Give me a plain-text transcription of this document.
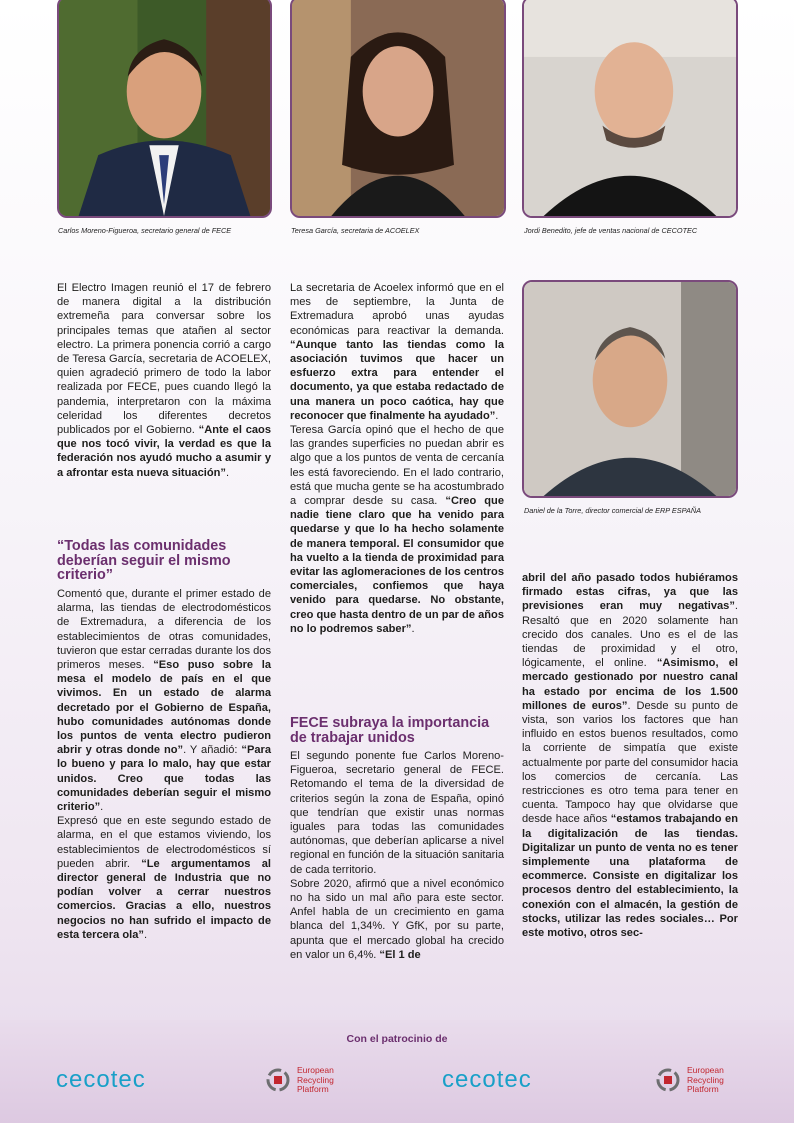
Carlos Moreno-Figueroa, secretario general de FECE	Teresa García, secretaria de ACOELEX	Jordi Benedito, jefe de ventas nacional de CECOTEC
Daniel de la Torre, director comercial de ERP ESPAÑA

El Electro Imagen reunió el 17 de febrero de manera digital a la distribución extremeña para conversar sobre los principales temas que atañen al sector electro. La primera ponencia corrió a cargo de Teresa García, secretaria de ACOELEX, quien agradeció primero de todo la labor realizada por FECE, pues cuando llegó la pandemia, interpretaron con la máxima celeridad los diferentes decretos publicados por el Gobierno. “Ante el caos que nos tocó vivir, la verdad es que la federación nos ayudó mucho a asumir y a afrontar esta nueva situación”.

“Todas las comunidades deberían seguir el mismo criterio”

Comentó que, durante el primer estado de alarma, las tiendas de electrodomésticos de Extremadura, a diferencia de los establecimientos de otras comunidades, tuvieron que estar cerradas durante los dos primeros meses. “Eso puso sobre la mesa el modelo de país en el que vivimos. En un estado de alarma decretado por el Gobierno de España, hubo comunidades autónomas donde los puntos de venta electro pudieron abrir y otras donde no”. Y añadió: “Para lo bueno y para lo malo, hay que estar unidos. Creo que todas las comunidades deberían seguir el mismo criterio”.

Expresó que en este segundo estado de alarma, en el que estamos viviendo, los establecimientos de electrodomésticos sí pueden abrir. “Le argumentamos al director general de Industria que no podían volver a cerrar nuestros comercios. Gracias a ello, nuestros negocios no han sufrido el impacto de esta tercera ola”.

La secretaria de Acoelex informó que en el mes de septiembre, la Junta de Extremadura aprobó unas ayudas económicas para reactivar la demanda. “Aunque tanto las tiendas como la asociación tuvimos que hacer un esfuerzo extra para entender el documento, ya que estaba redactado de una manera un poco caótica, hay que reconocer que finalmente ha ayudado”.

Teresa García opinó que el hecho de que las grandes superficies no puedan abrir es algo que a los puntos de venta de cercanía les está favoreciendo. En el lado contrario, está que mucha gente se ha acostumbrado a comprar desde su casa. “Creo que nadie tiene claro que ha venido para quedarse y que lo ha hecho solamente de manera temporal. El consumidor que ha vuelto a la tienda de proximidad para evitar las aglomeraciones de los centros comerciales, confiemos que haya venido para quedarse. No obstante, creo que hasta dentro de un par de años no lo podremos saber”.

FECE subraya la importancia de trabajar unidos

El segundo ponente fue Carlos Moreno-Figueroa, secretario general de FECE. Retomando el tema de la diversidad de criterios según la zona de España, opinó que tendrían que existir unas normas iguales para todas las comunidades autónomas, que deberían aplicarse a nivel regional en función de la situación sanitaria de cada territorio.

Sobre 2020, afirmó que a nivel económico no ha sido un mal año para este sector. Anfel habla de un crecimiento en gama blanca del 1,34%. Y GfK, por su parte, apunta que el mercado global ha crecido en valor un 6,4%. “El 1 de

abril del año pasado todos hubiéramos firmado estas cifras, ya que las previsiones eran muy negativas”. Resaltó que en 2020 solamente han crecido dos canales. Uno es el de las tiendas de proximidad y el otro, lógicamente, el online. “Asimismo, el mercado gestionado por nuestro canal ha estado por encima de los 1.500 millones de euros”. Desde su punto de vista, son varios los factores que han influido en estos buenos resultados, como la corriente de simpatía que existe actualmente por parte del consumidor hacia los comercios de cercanía. Las restricciones es otro tema para tener en cuenta. Tampoco hay que olvidarse que desde hace años “estamos trabajando en la digitalización de las tiendas. Digitalizar un punto de venta no es tener simplemente una plataforma de ecommerce. Consiste en digitalizar los procesos dentro del establecimiento, la conexión con el almacén, la gestión de stocks, utilizar las redes sociales… Por este motivo, otros sec-

Con el patrocinio de
cecotec	European
Recycling
Platform	cecotec	European
Recycling
Platform
